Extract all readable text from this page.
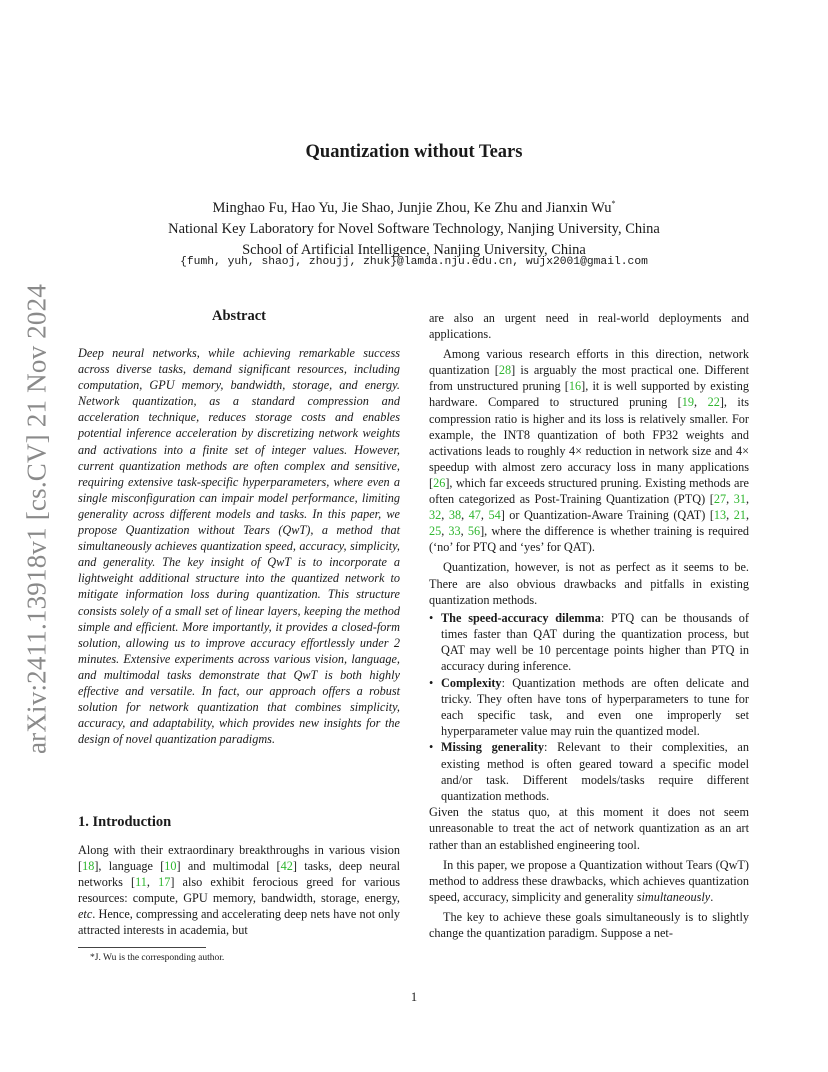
arXiv:2411.13918v1 [cs.CV] 21 Nov 2024
Quantization without Tears
Minghao Fu, Hao Yu, Jie Shao, Junjie Zhou, Ke Zhu and Jianxin Wu*
National Key Laboratory for Novel Software Technology, Nanjing University, China
School of Artificial Intelligence, Nanjing University, China
{fumh, yuh, shaoj, zhoujj, zhuk}@lamda.nju.edu.cn, wujx2001@gmail.com
Abstract

Deep neural networks, while achieving remarkable success across diverse tasks, demand significant resources, including computation, GPU memory, bandwidth, storage, and energy. Network quantization, as a standard compression and acceleration technique, reduces storage costs and enables potential inference acceleration by discretizing network weights and activations into a finite set of integer values. However, current quantization methods are often complex and sensitive, requiring extensive task-specific hyperparameters, where even a single misconfiguration can impair model performance, limiting generality across different models and tasks. In this paper, we propose Quantization without Tears (QwT), a method that simultaneously achieves quantization speed, accuracy, simplicity, and generality. The key insight of QwT is to incorporate a lightweight additional structure into the quantized network to mitigate information loss during quantization. This structure consists solely of a small set of linear layers, keeping the method simple and efficient. More importantly, it provides a closed-form solution, allowing us to improve accuracy effortlessly under 2 minutes. Extensive experiments across various vision, language, and multimodal tasks demonstrate that QwT is both highly effective and versatile. In fact, our approach offers a robust solution for network quantization that combines simplicity, accuracy, and adaptability, which provides new insights for the design of novel quantization paradigms.

1. Introduction

Along with their extraordinary breakthroughs in various vision [18], language [10] and multimodal [42] tasks, deep neural networks [11, 17] also exhibit ferocious greed for various resources: compute, GPU memory, bandwidth, storage, energy, etc. Hence, compressing and accelerating deep nets have not only attracted interests in academia, but

*J. Wu is the corresponding author.

are also an urgent need in real-world deployments and applications.

Among various research efforts in this direction, network quantization [28] is arguably the most practical one. Different from unstructured pruning [16], it is well supported by existing hardware. Compared to structured pruning [19, 22], its compression ratio is higher and its loss is relatively smaller. For example, the INT8 quantization of both FP32 weights and activations leads to roughly 4× reduction in network size and 4× speedup with almost zero accuracy loss in many applications [26], which far exceeds structured pruning. Existing methods are often categorized as Post-Training Quantization (PTQ) [27, 31, 32, 38, 47, 54] or Quantization-Aware Training (QAT) [13, 21, 25, 33, 56], where the difference is whether training is required (‘no’ for PTQ and ‘yes’ for QAT).

Quantization, however, is not as perfect as it seems to be. There are also obvious drawbacks and pitfalls in existing quantization methods.

• The speed-accuracy dilemma: PTQ can be thousands of times faster than QAT during the quantization process, but QAT may well be 10 percentage points higher than PTQ in accuracy during inference.
• Complexity: Quantization methods are often delicate and tricky. They often have tons of hyperparameters to tune for each specific task, and even one improperly set hyperparameter value may ruin the quantized model.
• Missing generality: Relevant to their complexities, an existing method is often geared toward a specific model and/or task. Different models/tasks require different quantization methods.

Given the status quo, at this moment it does not seem unreasonable to treat the act of network quantization as an art rather than an established engineering tool.

In this paper, we propose a Quantization without Tears (QwT) method to address these drawbacks, which achieves quantization speed, accuracy, simplicity and generality simultaneously.

The key to achieve these goals simultaneously is to slightly change the quantization paradigm. Suppose a net-

1
